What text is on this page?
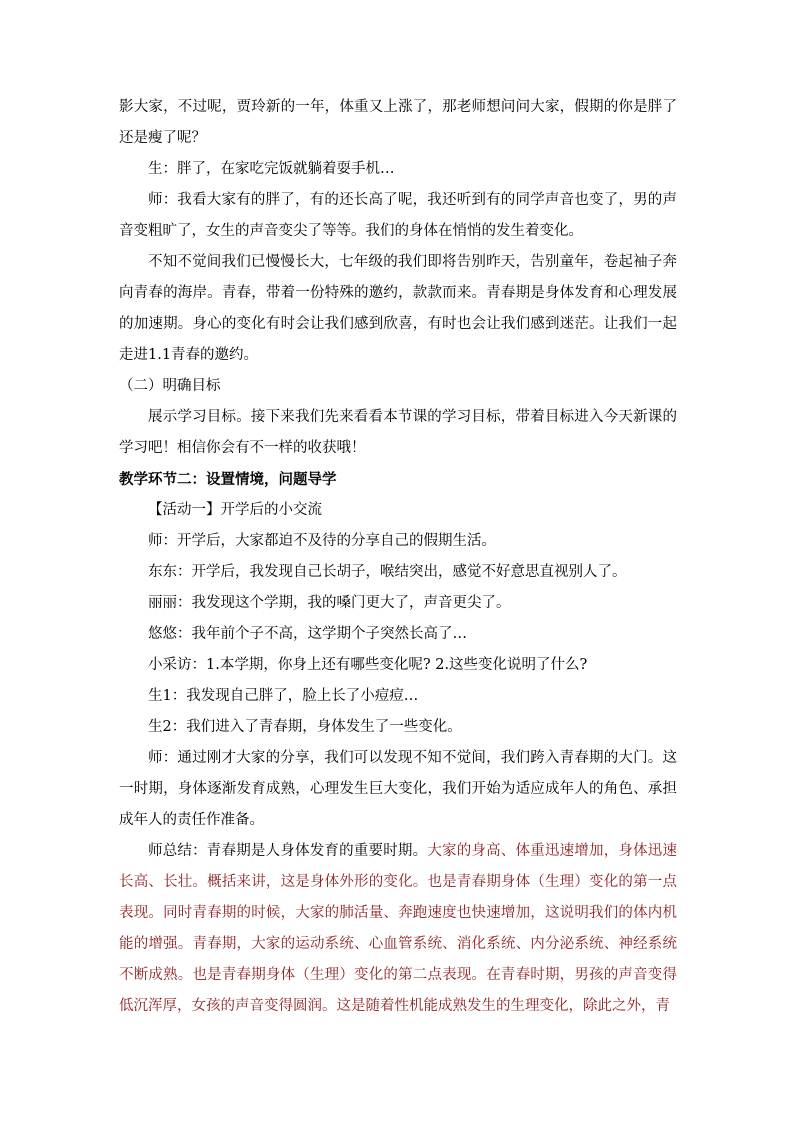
影大家，不过呢，贾玲新的一年，体重又上涨了，那老师想问问大家，假期的你是胖了还是瘦了呢？

生：胖了，在家吃完饭就躺着耍手机…

师：我看大家有的胖了，有的还长高了呢，我还听到有的同学声音也变了，男的声音变粗旷了，女生的声音变尖了等等。我们的身体在悄悄的发生着变化。

不知不觉间我们已慢慢长大，七年级的我们即将告别昨天，告别童年，卷起袖子奔向青春的海岸。青春，带着一份特殊的邀约，款款而来。青春期是身体发育和心理发展的加速期。身心的变化有时会让我们感到欣喜，有时也会让我们感到迷茫。让我们一起走进1.1青春的邀约。

（二）明确目标

展示学习目标。接下来我们先来看看本节课的学习目标，带着目标进入今天新课的学习吧！相信你会有不一样的收获哦！

教学环节二：设置情境，问题导学

【活动一】开学后的小交流

师：开学后，大家都迫不及待的分享自己的假期生活。

东东：开学后，我发现自己长胡子，喉结突出，感觉不好意思直视别人了。

丽丽：我发现这个学期，我的嗓门更大了，声音更尖了。

悠悠：我年前个子不高，这学期个子突然长高了…

小采访：1.本学期，你身上还有哪些变化呢? 2.这些变化说明了什么?

生1：我发现自己胖了，脸上长了小痘痘…

生2：我们进入了青春期，身体发生了一些变化。

师：通过刚才大家的分享，我们可以发现不知不觉间，我们跨入青春期的大门。这一时期，身体逐渐发育成熟，心理发生巨大变化，我们开始为适应成年人的角色、承担成年人的责任作准备。

师总结：青春期是人身体发育的重要时期。大家的身高、体重迅速增加，身体迅速长高、长壮。概括来讲，这是身体外形的变化。也是青春期身体（生理）变化的第一点表现。同时青春期的时候，大家的肺活量、奔跑速度也快速增加，这说明我们的体内机能的增强。青春期，大家的运动系统、心血管系统、消化系统、内分泌系统、神经系统不断成熟。也是青春期身体（生理）变化的第二点表现。在青春时期，男孩的声音变得低沉浑厚，女孩的声音变得圆润。这是随着性机能成熟发生的生理变化，除此之外，青
